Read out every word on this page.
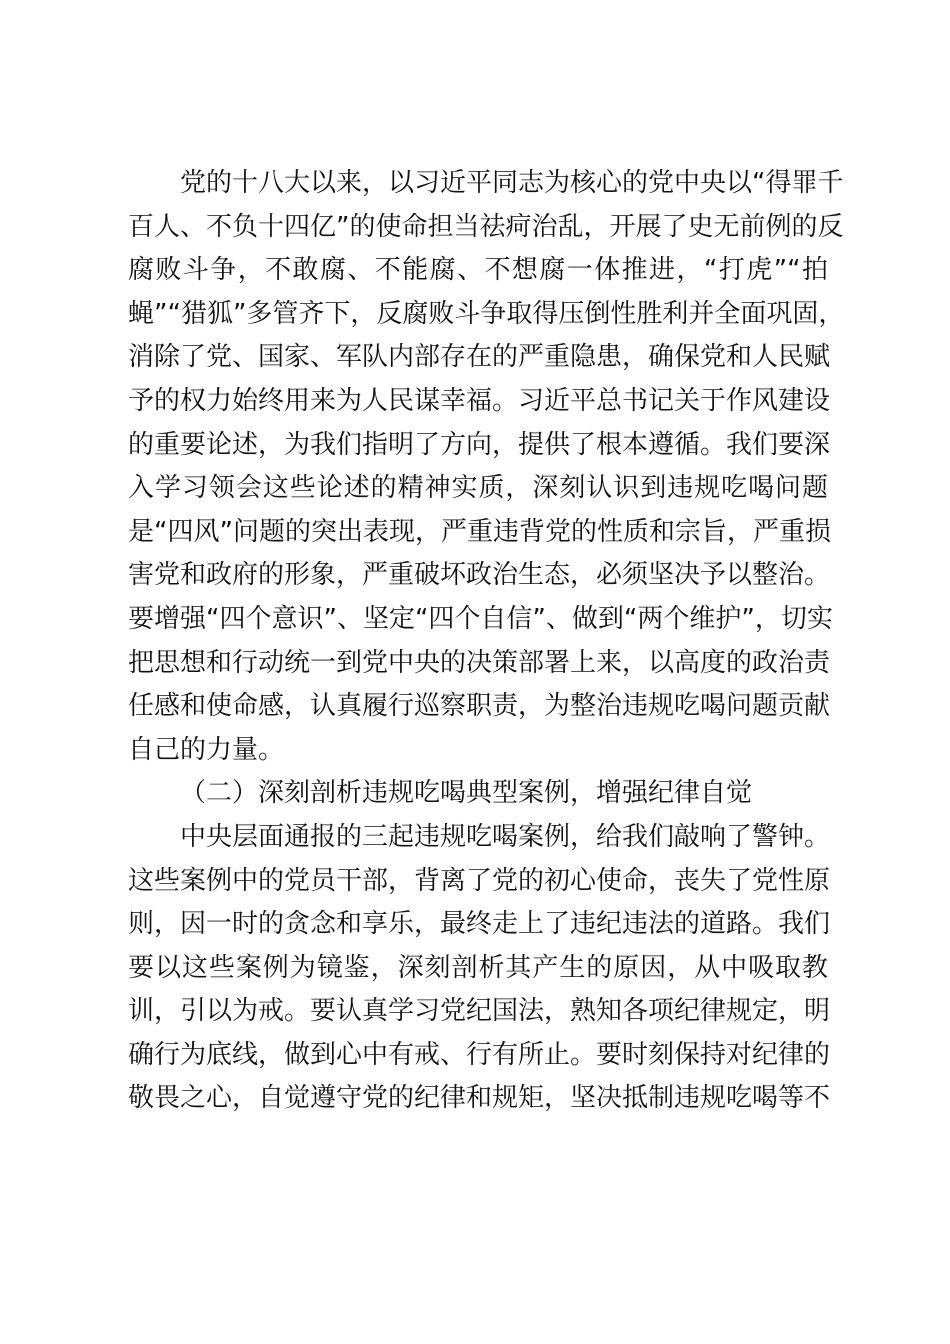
党的十八大以来，以习近平同志为核心的党中央以“得罪千
百人、不负十四亿”的使命担当祛疴治乱，开展了史无前例的反
腐败斗争，不敢腐、不能腐、不想腐一体推进，“打虎”“拍
蝇”“猎狐”多管齐下，反腐败斗争取得压倒性胜利并全面巩固，
消除了党、国家、军队内部存在的严重隐患，确保党和人民赋
予的权力始终用来为人民谋幸福。习近平总书记关于作风建设
的重要论述，为我们指明了方向，提供了根本遵循。我们要深
入学习领会这些论述的精神实质，深刻认识到违规吃喝问题
是“四风”问题的突出表现，严重违背党的性质和宗旨，严重损
害党和政府的形象，严重破坏政治生态，必须坚决予以整治。
要增强“四个意识”、坚定“四个自信”、做到“两个维护”，切实
把思想和行动统一到党中央的决策部署上来，以高度的政治责
任感和使命感，认真履行巡察职责，为整治违规吃喝问题贡献
自己的力量。
（二）深刻剖析违规吃喝典型案例，增强纪律自觉
中央层面通报的三起违规吃喝案例，给我们敲响了警钟。
这些案例中的党员干部，背离了党的初心使命，丧失了党性原
则，因一时的贪念和享乐，最终走上了违纪违法的道路。我们
要以这些案例为镜鉴，深刻剖析其产生的原因，从中吸取教
训，引以为戒。要认真学习党纪国法，熟知各项纪律规定，明
确行为底线，做到心中有戒、行有所止。要时刻保持对纪律的
敬畏之心，自觉遵守党的纪律和规矩，坚决抵制违规吃喝等不
